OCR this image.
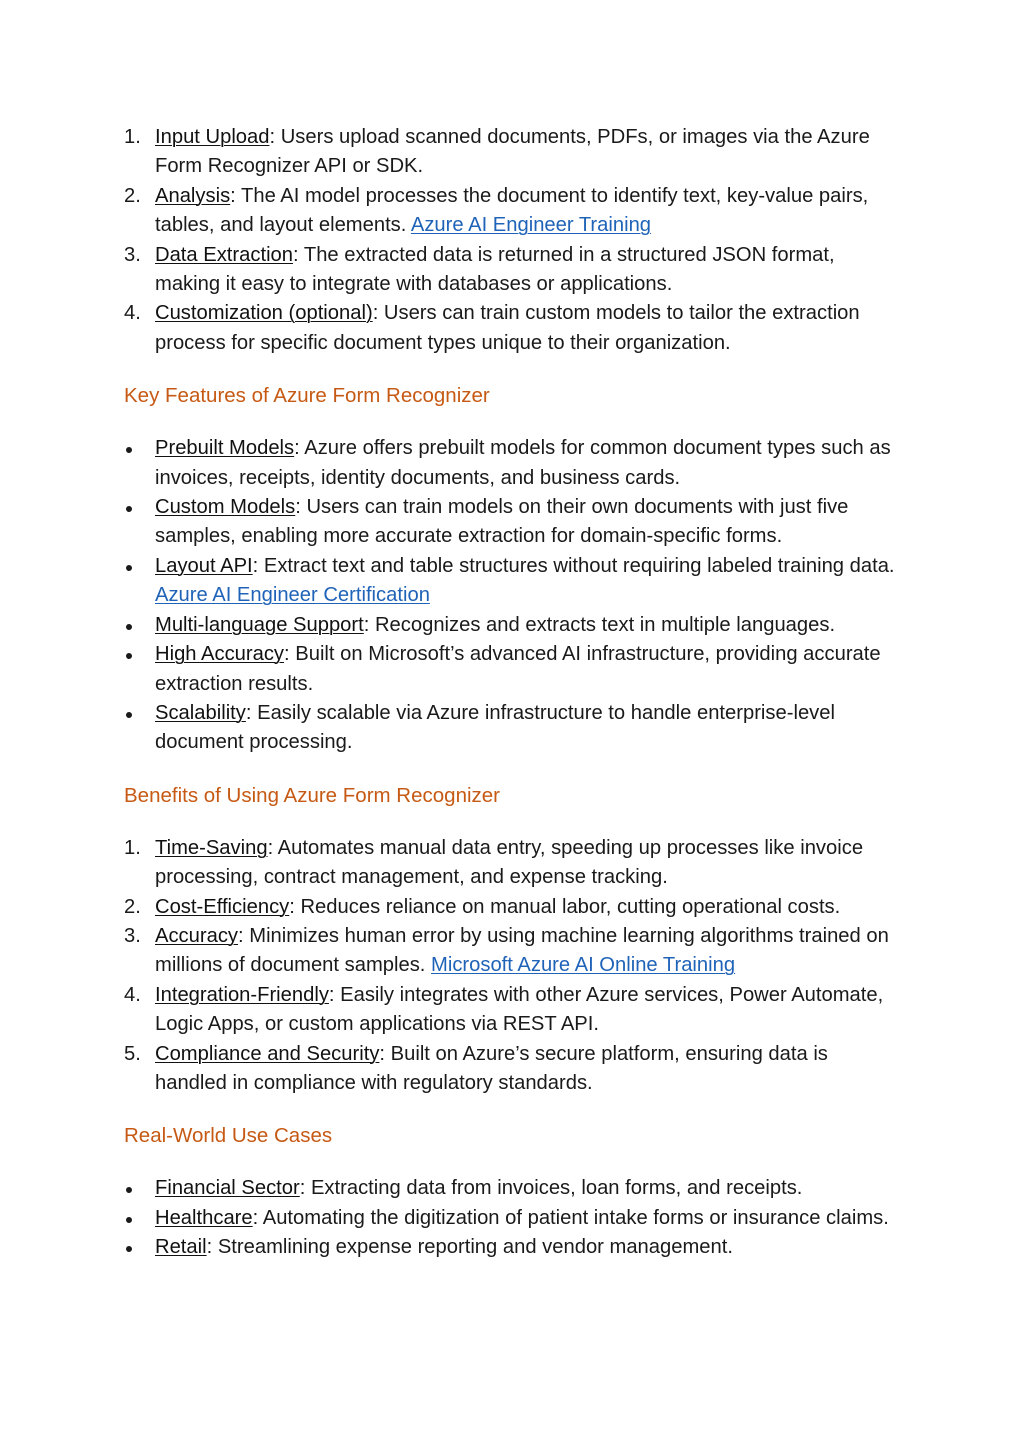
1. Input Upload: Users upload scanned documents, PDFs, or images via the Azure Form Recognizer API or SDK.
2. Analysis: The AI model processes the document to identify text, key-value pairs, tables, and layout elements. Azure AI Engineer Training
3. Data Extraction: The extracted data is returned in a structured JSON format, making it easy to integrate with databases or applications.
4. Customization (optional): Users can train custom models to tailor the extraction process for specific document types unique to their organization.
Key Features of Azure Form Recognizer
Prebuilt Models: Azure offers prebuilt models for common document types such as invoices, receipts, identity documents, and business cards.
Custom Models: Users can train models on their own documents with just five samples, enabling more accurate extraction for domain-specific forms.
Layout API: Extract text and table structures without requiring labeled training data. Azure AI Engineer Certification
Multi-language Support: Recognizes and extracts text in multiple languages.
High Accuracy: Built on Microsoft’s advanced AI infrastructure, providing accurate extraction results.
Scalability: Easily scalable via Azure infrastructure to handle enterprise-level document processing.
Benefits of Using Azure Form Recognizer
1. Time-Saving: Automates manual data entry, speeding up processes like invoice processing, contract management, and expense tracking.
2. Cost-Efficiency: Reduces reliance on manual labor, cutting operational costs.
3. Accuracy: Minimizes human error by using machine learning algorithms trained on millions of document samples. Microsoft Azure AI Online Training
4. Integration-Friendly: Easily integrates with other Azure services, Power Automate, Logic Apps, or custom applications via REST API.
5. Compliance and Security: Built on Azure’s secure platform, ensuring data is handled in compliance with regulatory standards.
Real-World Use Cases
Financial Sector: Extracting data from invoices, loan forms, and receipts.
Healthcare: Automating the digitization of patient intake forms or insurance claims.
Retail: Streamlining expense reporting and vendor management.
